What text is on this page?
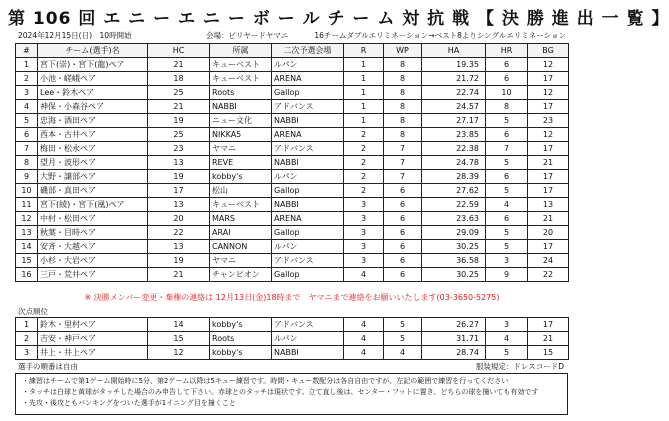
第 106 回 エ ニ ー エ ニ ー ボ ー ル チ ー ム 対 抗 戦 【 決 勝 進 出 一 覧 】
2024年12月15日(日)　10時開始	会場：ビリヤードヤマニ	16チームダブルエリミネーション→ベスト8よりシングルエリミネーション
#	チーム(選手)名	HC	所属	二次予選会場	R	WP	HA	HR	BG
1	宮下(崇)・宮下(龍)ペア	21	キューベスト	ルパン	1	8	19.35	6	12
2	小池・嵯峨ペア	18	キューベスト	ARENA	1	8	21.72	6	17
3	Lee・鈴木ペア	25	Roots	Gallop	1	8	22.74	10	12
4	神保・小森谷ペア	21	NABBI	アドバンス	1	8	24.57	8	17
5	忠海・酒田ペア	19	ニュー文化	NABBI	1	8	27.17	5	23
6	西本・古井ペア	25	NIKKA5	ARENA	2	8	23.85	6	12
7	梅田・松永ペア	23	ヤマニ	アドバンス	2	7	22.38	7	17
8	望月・波形ペア	13	REVE	NABBI	2	7	24.78	5	21
9	大野・譲部ペア	19	kobby's	ルパン	2	7	28.39	6	17
10	磯部・真田ペア	17	松山	Gallop	2	6	27.62	5	17
11	宮下(綾)・宮下(凰)ペア	13	キューベスト	NABBI	3	6	22.59	4	13
12	中村・松田ペア	20	MARS	ARENA	3	6	23.63	6	21
13	秋葉・目時ペア	22	ARAI	Gallop	3	6	29.09	5	20
14	安斉・大越ペア	13	CANNON	ルパン	3	6	30.25	5	17
15	小杉・大岩ペア	19	ヤマニ	アドバンス	3	6	36.58	3	24
16	三戸・荒井ペア	21	チャンピオン	Gallop	4	6	30.25	9	22
※ 決勝メンバー変更・棄権の連絡は 12月13日(金)18時まで　ヤマニまで連絡をお願いいたします(03-3650-5275)
次点順位
1	鈴木・里村ペア	14	kobby's	アドバンス	4	5	26.27	3	17
2	吉安・神戸ペア	15	Roots	ルパン	4	5	31.71	4	21
3	井上・井上ペア	12	kobby's	NABBI	4	4	28.74	5	15
選手の順番は自由	服装規定：ドレスコードD
・練習はチームで第1ゲーム開始時に5分、第2ゲーム以降は5キュー練習です。時間・キュー数配分は各自自由ですが、左記の範囲で練習を行ってください
・タッチは白球と黄球がタッチした場合のみ申告して下さい。赤球とのタッチは現状です。立て直し後は、センター・フットに置き、どちらの球を撞いても有効です
・先攻・後攻ともバンキングをついた選手が1イニング目を撞くこと
